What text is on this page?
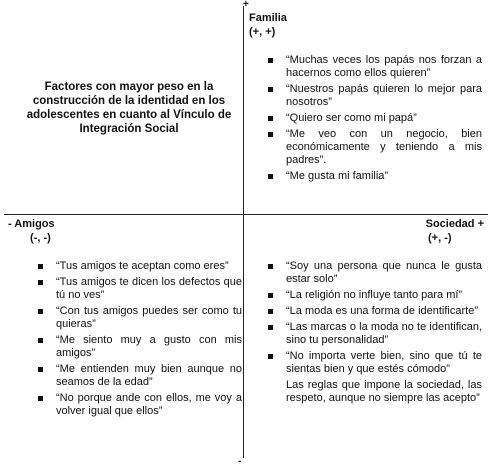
+
-
Familia
(+, +)
Factores con mayor peso en la construcción de la identidad en los adolescentes en cuanto al Vínculo de Integración Social
“Muchas veces los papás nos forzan a hacernos como ellos quieren”
“Nuestros papás quieren lo mejor para nosotros”
“Quiero ser como mi papá”
“Me veo con un negocio, bien económicamente y teniendo a mis padres”.
“Me gusta mi familia”
- Amigos
(-, -)
“Tus amigos te aceptan como eres”
“Tus amigos te dicen los defectos que tú no ves”
“Con tus amigos puedes ser como tu quieras”
“Me siento muy a gusto con mis amigos”
“Me entienden muy bien aunque no seamos de la edad”
“No porque ande con ellos, me voy a volver igual que ellos”
Sociedad +
(+, -)
“Soy una persona que nunca le gusta estar solo”
“La religión no influye tanto para mí”
“La moda es una forma de identificarte”
“Las marcas o la moda no te identifican, sino tu personalidad”
“No importa verte bien, sino que tú te sientas bien y que estés cómodo”
Las reglas que impone la sociedad, las respeto, aunque no siempre las acepto”
